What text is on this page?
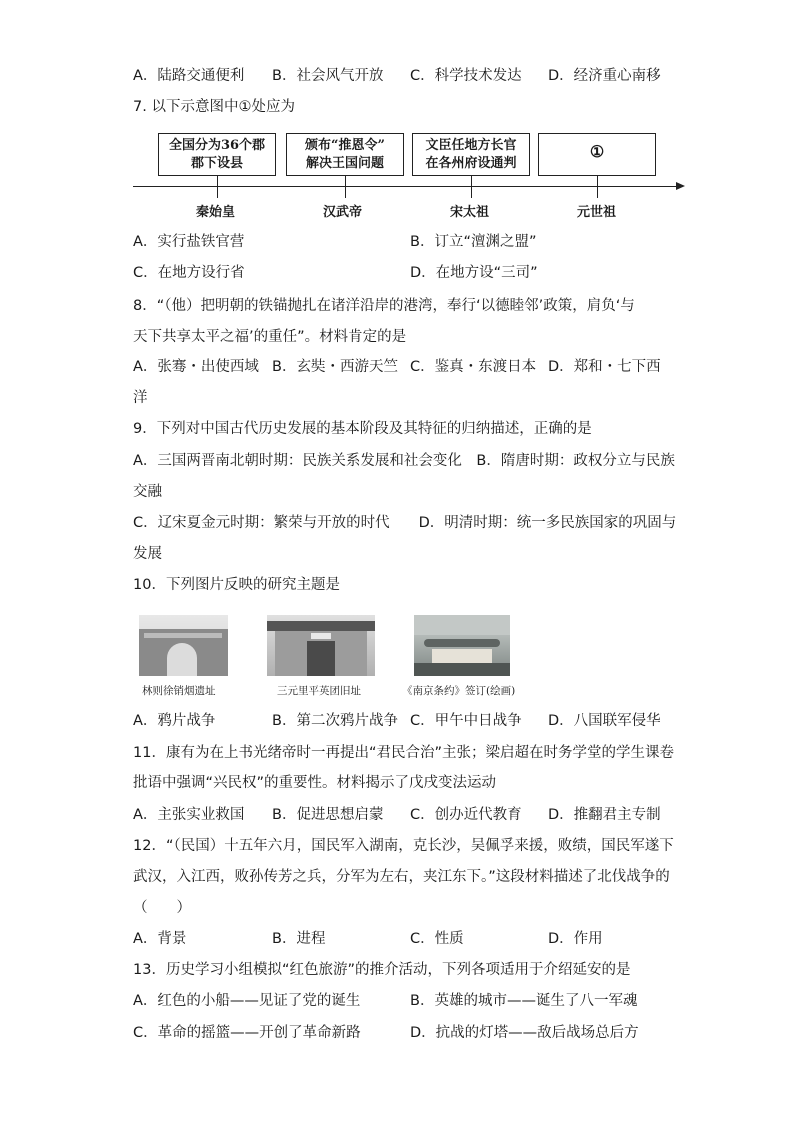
A．陆路交通便利 B．社会风气开放 C．科学技术发达 D．经济重心南移
7. 以下示意图中①处应为
全国分为36个郡
郡下设县
颁布“推恩令”
解决王国问题
文臣任地方长官
在各州府设通判
①
秦始皇	汉武帝	宋太祖	元世祖
A．实行盐铁官营	B．订立“澶渊之盟”
C．在地方设行省	D．在地方设“三司”
8．“（他）把明朝的铁锚抛扎在诸洋沿岸的港湾，奉行‘以德睦邻’政策，肩负‘与
天下共享太平之福’的重任”。材料肯定的是
A．张骞・出使西域 B．玄奘・西游天竺 C．鉴真・东渡日本 D．郑和・七下西
洋
9．下列对中国古代历史发展的基本阶段及其特征的归纳描述，正确的是
A．三国两晋南北朝时期：民族关系发展和社会变化　B．隋唐时期：政权分立与民族
交融
C．辽宋夏金元时期：繁荣与开放的时代　　D．明清时期：统一多民族国家的巩固与
发展
10．下列图片反映的研究主题是
林则徐销烟遗址	三元里平英团旧址	《南京条约》签订(绘画)
A．鸦片战争	B．第二次鸦片战争 C．甲午中日战争 D．八国联军侵华
11．康有为在上书光绪帝时一再提出“君民合治”主张；梁启超在时务学堂的学生课卷
批语中强调“兴民权”的重要性。材料揭示了戊戌变法运动
A．主张实业救国 B．促进思想启蒙 C．创办近代教育 D．推翻君主专制
12．“（民国）十五年六月，国民军入湖南，克长沙，吴佩孚来援，败绩，国民军遂下
武汉，入江西，败孙传芳之兵，分军为左右，夹江东下。”这段材料描述了北伐战争的
（　　）
A．背景	B．进程	C．性质	D．作用
13．历史学习小组模拟“红色旅游”的推介活动，下列各项适用于介绍延安的是
A．红色的小船——见证了党的诞生	B．英雄的城市——诞生了八一军魂
C．革命的摇篮——开创了革命新路	D．抗战的灯塔——敌后战场总后方
